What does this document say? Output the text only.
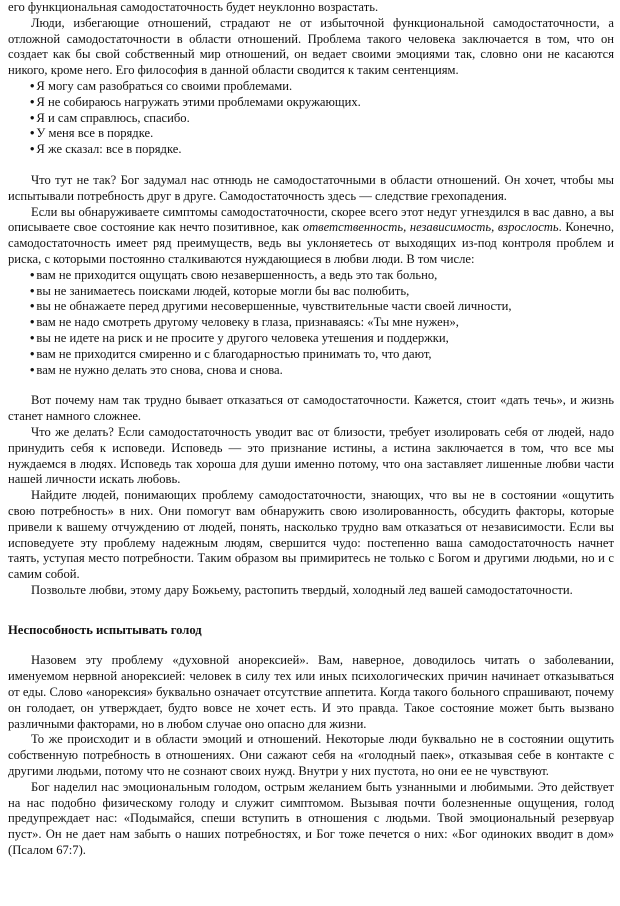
его функциональная самодостаточность будет неуклонно возрастать.

Люди, избегающие отношений, страдают не от избыточной функциональной самодостаточности, а отложной самодостаточности в области отношений. Проблема такого человека заключается в том, что он создает как бы свой собственный мир отношений, он ведает своими эмоциями так, словно они не касаются никого, кроме него. Его философия в данной области сводится к таким сентенциям.

• Я могу сам разобраться со своими проблемами.
• Я не собираюсь нагружать этими проблемами окружающих.
• Я и сам справлюсь, спасибо.
• У меня все в порядке.
• Я же сказал: все в порядке.

Что тут не так? Бог задумал нас отнюдь не самодостаточными в области отношений. Он хочет, чтобы мы испытывали потребность друг в друге. Самодостаточность здесь — следствие грехопадения.

Если вы обнаруживаете симптомы самодостаточности, скорее всего этот недуг угнездился в вас давно, а вы описываете свое состояние как нечто позитивное, как ответственность, независимость, взрослость. Конечно, самодостаточность имеет ряд преимуществ, ведь вы уклоняетесь от выходящих из-под контроля проблем и риска, с которыми постоянно сталкиваются нуждающиеся в любви люди. В том числе:

• вам не приходится ощущать свою незавершенность, а ведь это так больно,
• вы не занимаетесь поисками людей, которые могли бы вас полюбить,
• вы не обнажаете перед другими несовершенные, чувствительные части своей личности,
• вам не надо смотреть другому человеку в глаза, признаваясь: «Ты мне нужен»,
• вы не идете на риск и не просите у другого человека утешения и поддержки,
• вам не приходится смиренно и с благодарностью принимать то, что дают,
• вам не нужно делать это снова, снова и снова.

Вот почему нам так трудно бывает отказаться от самодостаточности. Кажется, стоит «дать течь», и жизнь станет намного сложнее.

Что же делать? Если самодостаточность уводит вас от близости, требует изолировать себя от людей, надо принудить себя к исповеди. Исповедь — это признание истины, а истина заключается в том, что все мы нуждаемся в людях. Исповедь так хороша для души именно потому, что она заставляет лишенные любви части нашей личности искать любовь.

Найдите людей, понимающих проблему самодостаточности, знающих, что вы не в состоянии «ощутить свою потребность» в них. Они помогут вам обнаружить свою изолированность, обсудить факторы, которые привели к вашему отчуждению от людей, понять, насколько трудно вам отказаться от независимости. Если вы исповедуете эту проблему надежным людям, свершится чудо: постепенно ваша самодостаточность начнет таять, уступая место потребности. Таким образом вы примиритесь не только с Богом и другими людьми, но и с самим собой.

Позвольте любви, этому дару Божьему, растопить твердый, холодный лед вашей самодостаточности.

Неспособность испытывать голод

Назовем эту проблему «духовной анорексией». Вам, наверное, доводилось читать о заболевании, именуемом нервной анорексией: человек в силу тех или иных психологических причин начинает отказываться от еды. Слово «анорексия» буквально означает отсутствие аппетита. Когда такого больного спрашивают, почему он голодает, он утверждает, будто вовсе не хочет есть. И это правда. Такое состояние может быть вызвано различными факторами, но в любом случае оно опасно для жизни.

То же происходит и в области эмоций и отношений. Некоторые люди буквально не в состоянии ощутить собственную потребность в отношениях. Они сажают себя на «голодный паек», отказывая себе в контакте с другими людьми, потому что не сознают своих нужд. Внутри у них пустота, но они ее не чувствуют.

Бог наделил нас эмоциональным голодом, острым желанием быть узнанными и любимыми. Это действует на нас подобно физическому голоду и служит симптомом. Вызывая почти болезненные ощущения, голод предупреждает нас: «Подымайся, спеши вступить в отношения с людьми. Твой эмоциональный резервуар пуст». Он не дает нам забыть о наших потребностях, и Бог тоже печется о них: «Бог одиноких вводит в дом» (Псалом 67:7).
